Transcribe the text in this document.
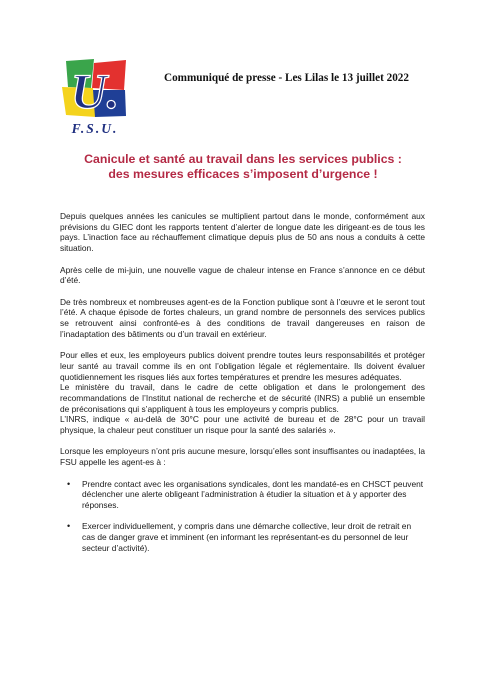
U.
F.S.U.
Communiqué de presse - Les Lilas le 13 juillet 2022
Canicule et santé au travail dans les services publics :
des mesures efficaces s’imposent d’urgence !

Depuis quelques années les canicules se multiplient partout dans le monde, conformément aux prévisions du GIEC dont les rapports tentent d’alerter de longue date les dirigeant·es de tous les pays. L’inaction face au réchauffement climatique depuis plus de 50 ans nous a conduits à cette situation.

Après celle de mi-juin, une nouvelle vague de chaleur intense en France s’annonce en ce début d’été.

De très nombreux et nombreuses agent-es de la Fonction publique sont à l’œuvre et le seront tout l’été. A chaque épisode de fortes chaleurs, un grand nombre de personnels des services publics se retrouvent ainsi confronté-es à des conditions de travail dangereuses en raison de l’inadaptation des bâtiments ou d’un travail en extérieur.

Pour elles et eux, les employeurs publics doivent prendre toutes leurs responsabilités et protéger leur santé au travail comme ils en ont l’obligation légale et réglementaire. Ils doivent évaluer quotidiennement les risques liés aux fortes températures et prendre les mesures adéquates.

Le ministère du travail, dans le cadre de cette obligation et dans le prolongement des recommandations de l’Institut national de recherche et de sécurité (INRS) a publié un ensemble de préconisations qui s’appliquent à tous les employeurs y compris publics.

L’INRS, indique « au-delà de 30°C pour une activité de bureau et de 28°C pour un travail physique, la chaleur peut constituer un risque pour la santé des salariés ».

Lorsque les employeurs n’ont pris aucune mesure, lorsqu’elles sont insuffisantes ou inadaptées, la FSU appelle les agent-es à :

• Prendre contact avec les organisations syndicales, dont les mandaté-es en CHSCT peuvent déclencher une alerte obligeant l’administration à étudier la situation et à y apporter des réponses.
• Exercer individuellement, y compris dans une démarche collective, leur droit de retrait en cas de danger grave et imminent (en informant les représentant-es du personnel de leur secteur d’activité).
